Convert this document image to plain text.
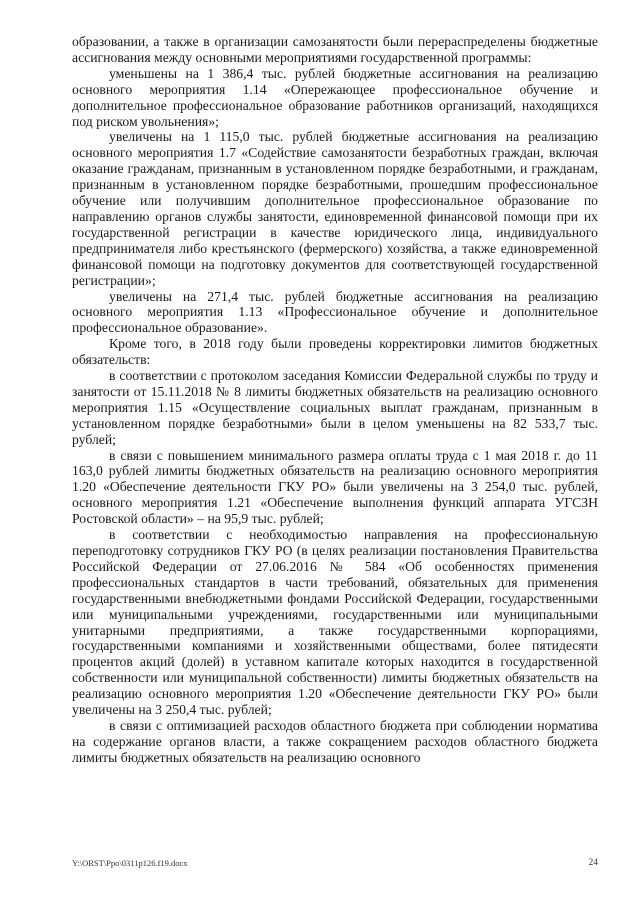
образовании, а также в организации самозанятости были перераспределены бюджетные ассигнования между основными мероприятиями государственной программы:

уменьшены на 1 386,4 тыс. рублей бюджетные ассигнования на реализацию основного мероприятия 1.14 «Опережающее профессиональное обучение и дополнительное профессиональное образование работников организаций, находящихся под риском увольнения»;

увеличены на 1 115,0 тыс. рублей бюджетные ассигнования на реализацию основного мероприятия 1.7 «Содействие самозанятости безработных граждан, включая оказание гражданам, признанным в установленном порядке безработными, и гражданам, признанным в установленном порядке безработными, прошедшим профессиональное обучение или получившим дополнительное профессиональное образование по направлению органов службы занятости, единовременной финансовой помощи при их государственной регистрации в качестве юридического лица, индивидуального предпринимателя либо крестьянского (фермерского) хозяйства, а также единовременной финансовой помощи на подготовку документов для соответствующей государственной регистрации»;

увеличены на 271,4 тыс. рублей бюджетные ассигнования на реализацию основного мероприятия 1.13 «Профессиональное обучение и дополнительное профессиональное образование».

Кроме того, в 2018 году были проведены корректировки лимитов бюджетных обязательств:

в соответствии с протоколом заседания Комиссии Федеральной службы по труду и занятости от 15.11.2018 № 8 лимиты бюджетных обязательств на реализацию основного мероприятия 1.15 «Осуществление социальных выплат гражданам, признанным в установленном порядке безработными» были в целом уменьшены на 82 533,7 тыс. рублей;

в связи с повышением минимального размера оплаты труда с 1 мая 2018 г. до 11 163,0 рублей лимиты бюджетных обязательств на реализацию основного мероприятия 1.20 «Обеспечение деятельности ГКУ РО» были увеличены на 3 254,0 тыс. рублей, основного мероприятия 1.21 «Обеспечение выполнения функций аппарата УГСЗН Ростовской области» – на 95,9 тыс. рублей;

в соответствии с необходимостью направления на профессиональную переподготовку сотрудников ГКУ РО (в целях реализации постановления Правительства Российской Федерации от 27.06.2016 № 584 «Об особенностях применения профессиональных стандартов в части требований, обязательных для применения государственными внебюджетными фондами Российской Федерации, государственными или муниципальными учреждениями, государственными или муниципальными унитарными предприятиями, а также государственными корпорациями, государственными компаниями и хозяйственными обществами, более пятидесяти процентов акций (долей) в уставном капитале которых находится в государственной собственности или муниципальной собственности) лимиты бюджетных обязательств на реализацию основного мероприятия 1.20 «Обеспечение деятельности ГКУ РО» были увеличены на 3 250,4 тыс. рублей;

в связи с оптимизацией расходов областного бюджета при соблюдении норматива на содержание органов власти, а также сокращением расходов областного бюджета лимиты бюджетных обязательств на реализацию основного

Y:\ORST\Ppo\0311p126.f19.docx	24
